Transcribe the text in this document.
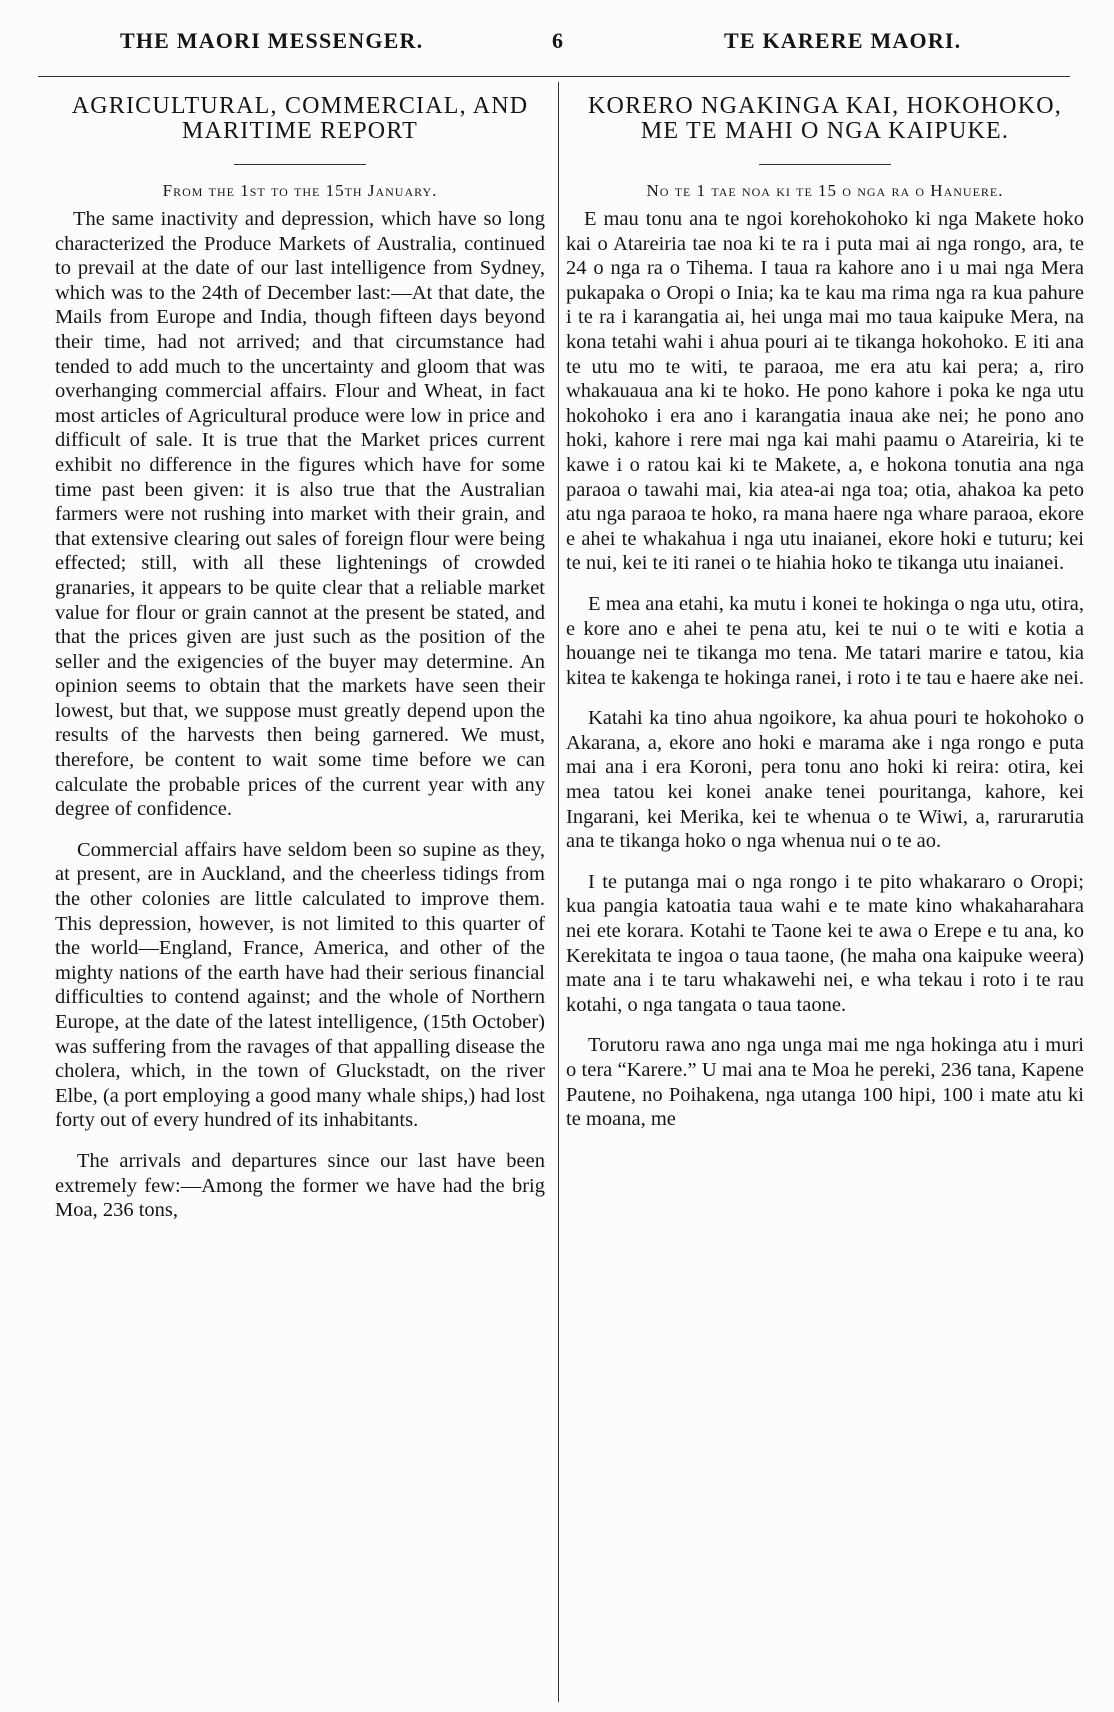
THE MAORI MESSENGER.	6	TE KARERE MAORI.
AGRICULTURAL, COMMERCIAL, AND
MARITIME REPORT
From the 1st to the 15th January.

The same inactivity and depression, which have so long characterized the Produce Markets of Australia, continued to prevail at the date of our last intelligence from Sydney, which was to the 24th of December last:—At that date, the Mails from Europe and India, though fifteen days beyond their time, had not arrived; and that circumstance had tended to add much to the uncertainty and gloom that was overhanging commercial affairs. Flour and Wheat, in fact most articles of Agricultural produce were low in price and difficult of sale. It is true that the Market prices current exhibit no difference in the figures which have for some time past been given: it is also true that the Australian farmers were not rushing into market with their grain, and that extensive clearing out sales of foreign flour were being effected; still, with all these lightenings of crowded granaries, it appears to be quite clear that a reliable market value for flour or grain cannot at the present be stated, and that the prices given are just such as the position of the seller and the exigencies of the buyer may determine. An opinion seems to obtain that the markets have seen their lowest, but that, we suppose must greatly depend upon the results of the harvests then being garnered. We must, therefore, be content to wait some time before we can calculate the probable prices of the current year with any degree of confidence.

Commercial affairs have seldom been so supine as they, at present, are in Auckland, and the cheerless tidings from the other colonies are little calculated to improve them. This depression, however, is not limited to this quarter of the world—England, France, America, and other of the mighty nations of the earth have had their serious financial difficulties to contend against; and the whole of Northern Europe, at the date of the latest intelligence, (15th October) was suffering from the ravages of that appalling disease the cholera, which, in the town of Gluckstadt, on the river Elbe, (a port employing a good many whale ships,) had lost forty out of every hundred of its inhabitants.

The arrivals and departures since our last have been extremely few:—Among the former we have had the brig Moa, 236 tons,

KORERO NGAKINGA KAI, HOKOHOKO,
ME TE MAHI O NGA KAIPUKE.
No te 1 tae noa ki te 15 o nga ra o Hanuere.

E mau tonu ana te ngoi korehokohoko ki nga Makete hoko kai o Atareiria tae noa ki te ra i puta mai ai nga rongo, ara, te 24 o nga ra o Tihema. I taua ra kahore ano i u mai nga Mera pukapaka o Oropi o Inia; ka te kau ma rima nga ra kua pahure i te ra i karangatia ai, hei unga mai mo taua kaipuke Mera, na kona tetahi wahi i ahua pouri ai te tikanga hokohoko. E iti ana te utu mo te witi, te paraoa, me era atu kai pera; a, riro whakauaua ana ki te hoko. He pono kahore i poka ke nga utu hokohoko i era ano i karangatia inaua ake nei; he pono ano hoki, kahore i rere mai nga kai mahi paamu o Atareiria, ki te kawe i o ratou kai ki te Makete, a, e hokona tonutia ana nga paraoa o tawahi mai, kia atea-ai nga toa; otia, ahakoa ka peto atu nga paraoa te hoko, ra mana haere nga whare paraoa, ekore e ahei te whakahua i nga utu inaianei, ekore hoki e tuturu; kei te nui, kei te iti ranei o te hiahia hoko te tikanga utu inaianei.

E mea ana etahi, ka mutu i konei te hokinga o nga utu, otira, e kore ano e ahei te pena atu, kei te nui o te witi e kotia a houange nei te tikanga mo tena. Me tatari marire e tatou, kia kitea te kakenga te hokinga ranei, i roto i te tau e haere ake nei.

Katahi ka tino ahua ngoikore, ka ahua pouri te hokohoko o Akarana, a, ekore ano hoki e marama ake i nga rongo e puta mai ana i era Koroni, pera tonu ano hoki ki reira: otira, kei mea tatou kei konei anake tenei pouritanga, kahore, kei Ingarani, kei Merika, kei te whenua o te Wiwi, a, rarurarutia ana te tikanga hoko o nga whenua nui o te ao.

I te putanga mai o nga rongo i te pito whakararo o Oropi; kua pangia katoatia taua wahi e te mate kino whakaharahara nei ete korara. Kotahi te Taone kei te awa o Erepe e tu ana, ko Kerekitata te ingoa o taua taone, (he maha ona kaipuke weera) mate ana i te taru whakawehi nei, e wha tekau i roto i te rau kotahi, o nga tangata o taua taone.

Torutoru rawa ano nga unga mai me nga hokinga atu i muri o tera “Karere.” U mai ana te Moa he pereki, 236 tana, Kapene Pautene, no Poihakena, nga utanga 100 hipi, 100 i mate atu ki te moana, me
